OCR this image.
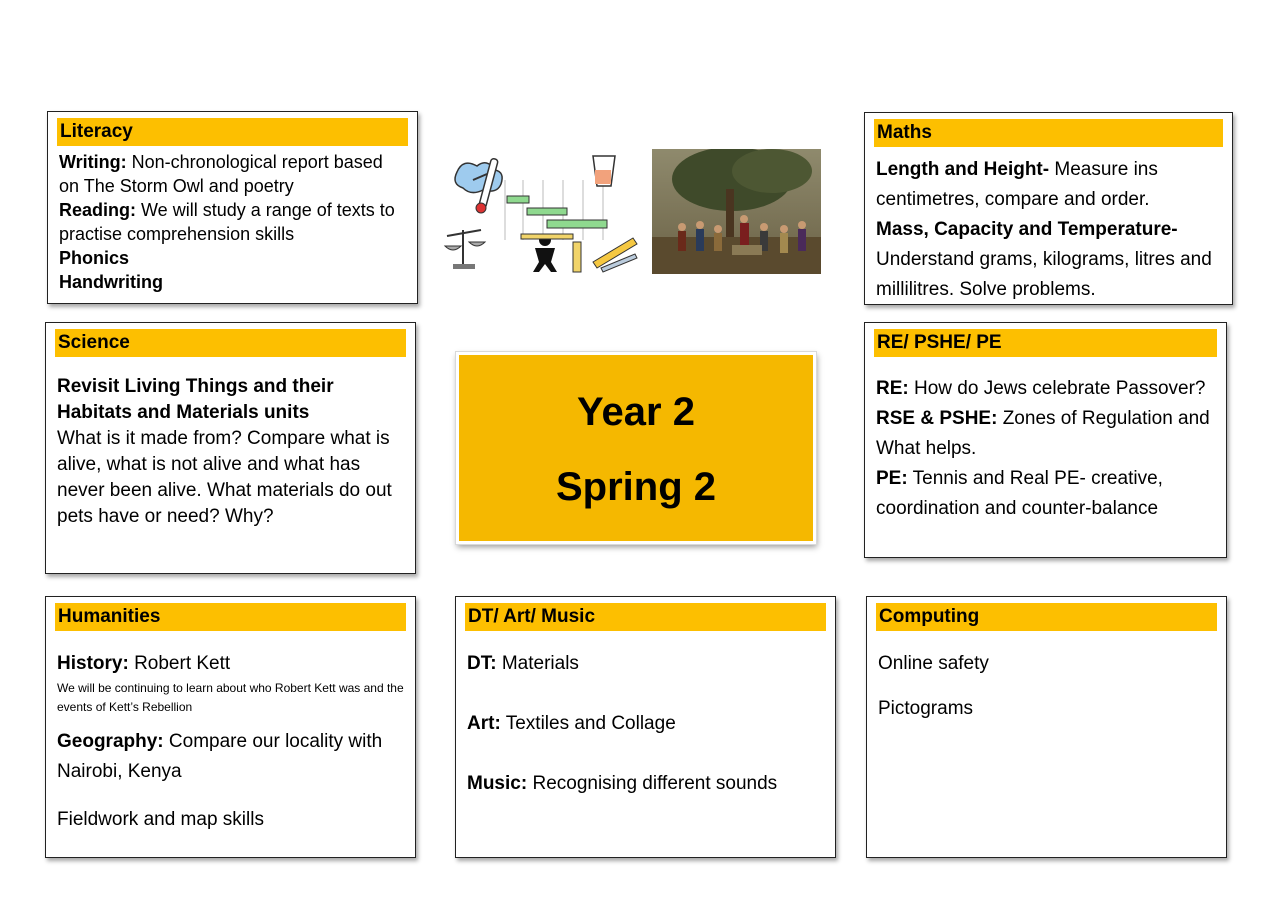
Literacy

Writing: Non-chronological report based on The Storm Owl and poetry

Reading: We will study a range of texts to practise comprehension skills

Phonics

Handwriting

Maths

Length and Height- Measure ins centimetres, compare and order.

Mass, Capacity and Temperature- Understand grams, kilograms, litres and millilitres. Solve problems.

Science

Revisit Living Things and their Habitats and Materials units

What is it made from? Compare what is alive, what is not alive and what has never been alive. What materials do out pets have or need? Why?

Year 2
Spring 2
RE/ PSHE/ PE

RE: How do Jews celebrate Passover?

RSE & PSHE: Zones of Regulation and What helps.

PE: Tennis and Real PE- creative, coordination and counter-balance

Humanities

History: Robert Kett

We will be continuing to learn about who Robert Kett was and the events of Kett’s Rebellion

Geography: Compare our locality with Nairobi, Kenya

Fieldwork and map skills

DT/ Art/ Music

DT: Materials

Art: Textiles and Collage

Music: Recognising different sounds

Computing

Online safety

Pictograms
